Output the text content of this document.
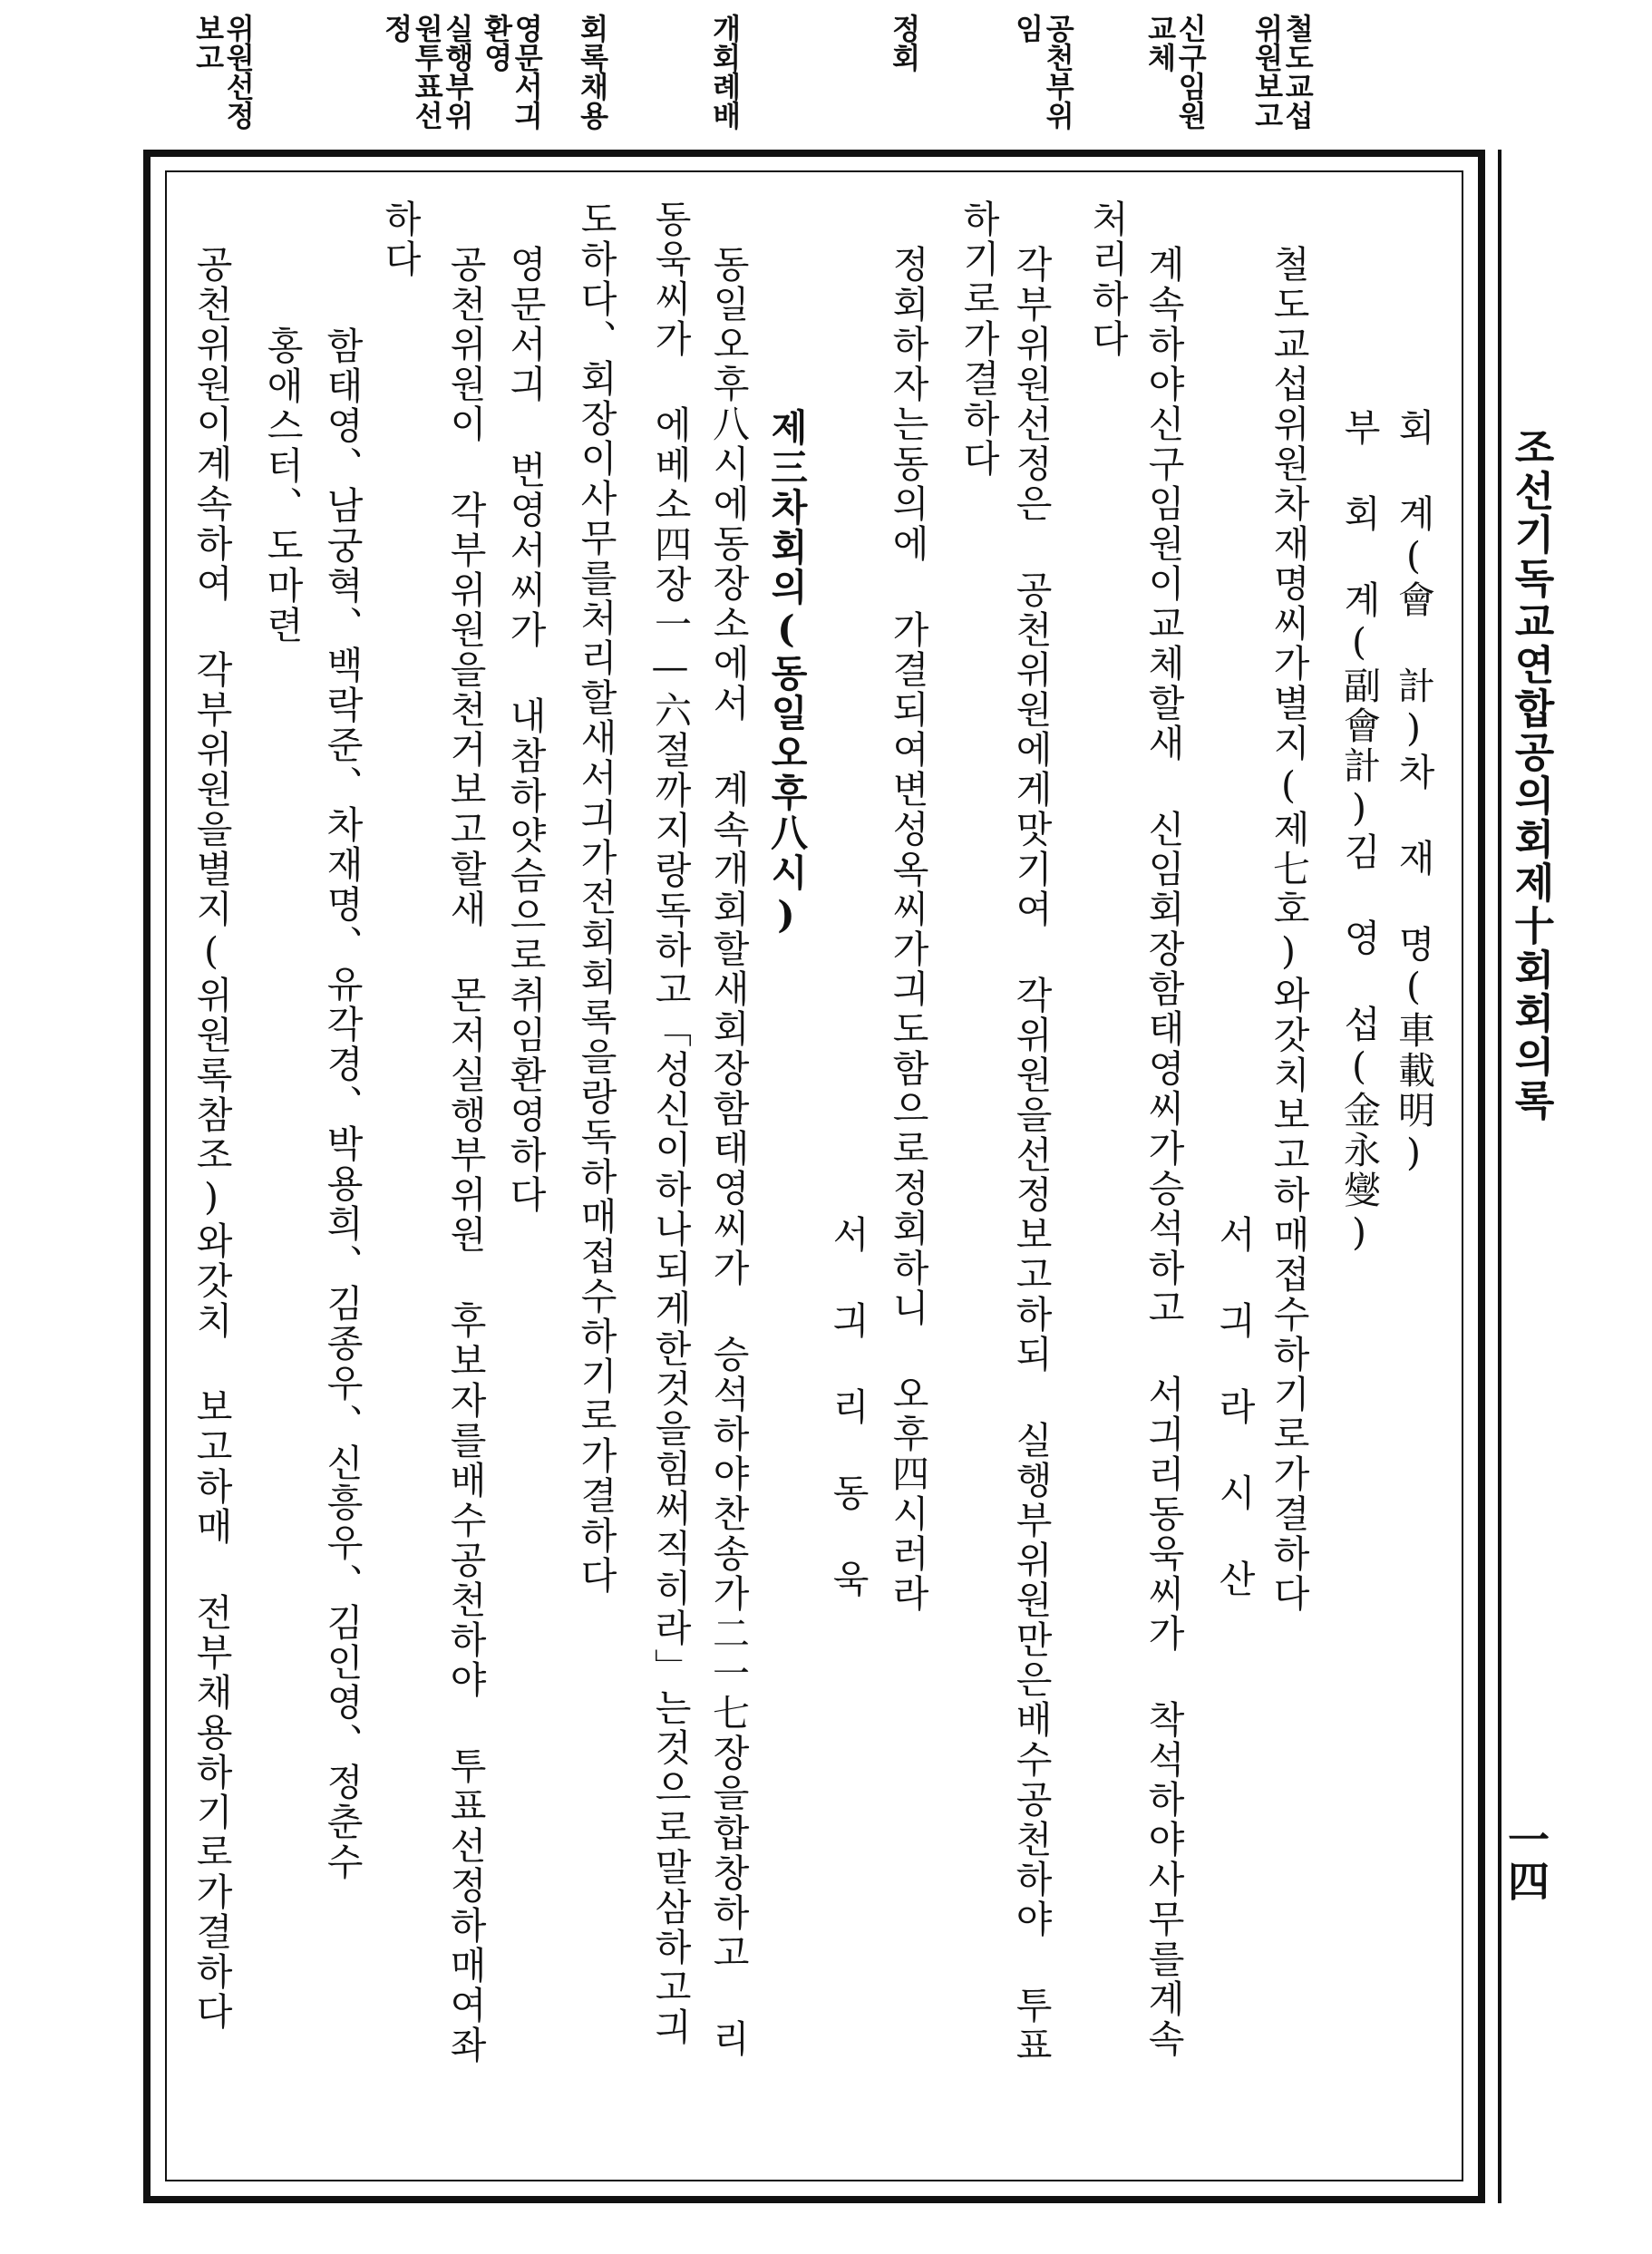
조선기독교연합공의회제十회회의록
一四
철도교섭
위원보고
신구임원
교체
공천부위
임
정회
개회례배
회록채용
영문서긔
환영
실행부위
원투표선
정
위원선정
보고
회 계(會 計)차 재 명(車載明)
부 회 계(副會計)김 영 섭(金永燮)
철도교섭위원차재명씨가별지(제七호)와갓치보고하매접수하기로가결하다
서 긔 라 시 산
계속하야신구임원이교체할새 신임회장함태영씨가승석하고 서긔리동욱씨가 착석하야사무를계속
처리하다
각부위원선정은 공천위원에게맛기여 각위원을선정보고하되 실행부위원만은배수공천하야 투표
하기로가결하다
정회하자는동의에 가결되여변성옥씨가긔도함으로정회하니 오후四시러라
서 긔 리 동 욱
제三차회의(동일오후八시)
동일오후八시에동장소에서 계속개회할새회장함태영씨가 승석하야찬송가二一七장을합창하고 리
동욱씨가 에베소四장一—六절까지랑독하고「성신이하나되게한것을힘써직히라」는것으로말삼하고긔
도하다、회장이사무를처리할새서긔가전회회록을랑독하매접수하기로가결하다
영문서긔 번영서씨가 내참하얏슴으로취임환영하다
공천위원이 각부위원을천거보고할새 몬저실행부위원 후보자를배수공천하야 투표선정하매여좌
하다
함태영、남궁혁、백락준、차재명、유각경、박용희、김종우、신흥우、김인영、정춘수
홍애스터、도마련
공천위원이계속하여 각부위원을별지(위원록참조)와갓치 보고하매 전부채용하기로가결하다
